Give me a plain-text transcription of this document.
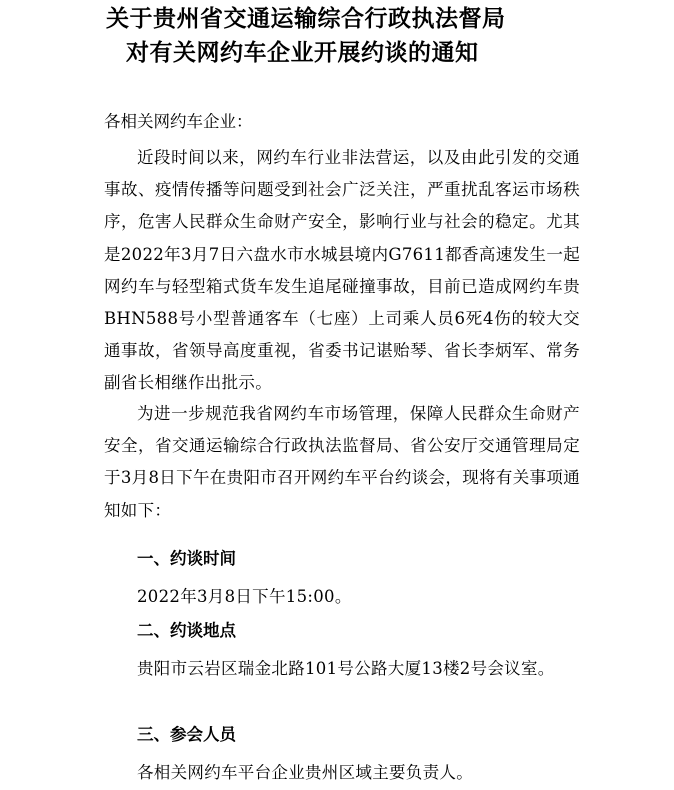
关于贵州省交通运输综合行政执法督局
对有关网约车企业开展约谈的通知

各相关网约车企业：

近段时间以来，网约车行业非法营运，以及由此引发的交通事故、疫情传播等问题受到社会广泛关注，严重扰乱客运市场秩序，危害人民群众生命财产安全，影响行业与社会的稳定。尤其是2022年3月7日六盘水市水城县境内G7611都香高速发生一起网约车与轻型箱式货车发生追尾碰撞事故，目前已造成网约车贵BHN588号小型普通客车（七座）上司乘人员6死4伤的较大交通事故，省领导高度重视，省委书记谌贻琴、省长李炳军、常务副省长相继作出批示。

为进一步规范我省网约车市场管理，保障人民群众生命财产安全，省交通运输综合行政执法监督局、省公安厅交通管理局定于3月8日下午在贵阳市召开网约车平台约谈会，现将有关事项通知如下：

一、约谈时间

2022年3月8日下午15:00。

二、约谈地点

贵阳市云岩区瑞金北路101号公路大厦13楼2号会议室。

三、参会人员

各相关网约车平台企业贵州区域主要负责人。
